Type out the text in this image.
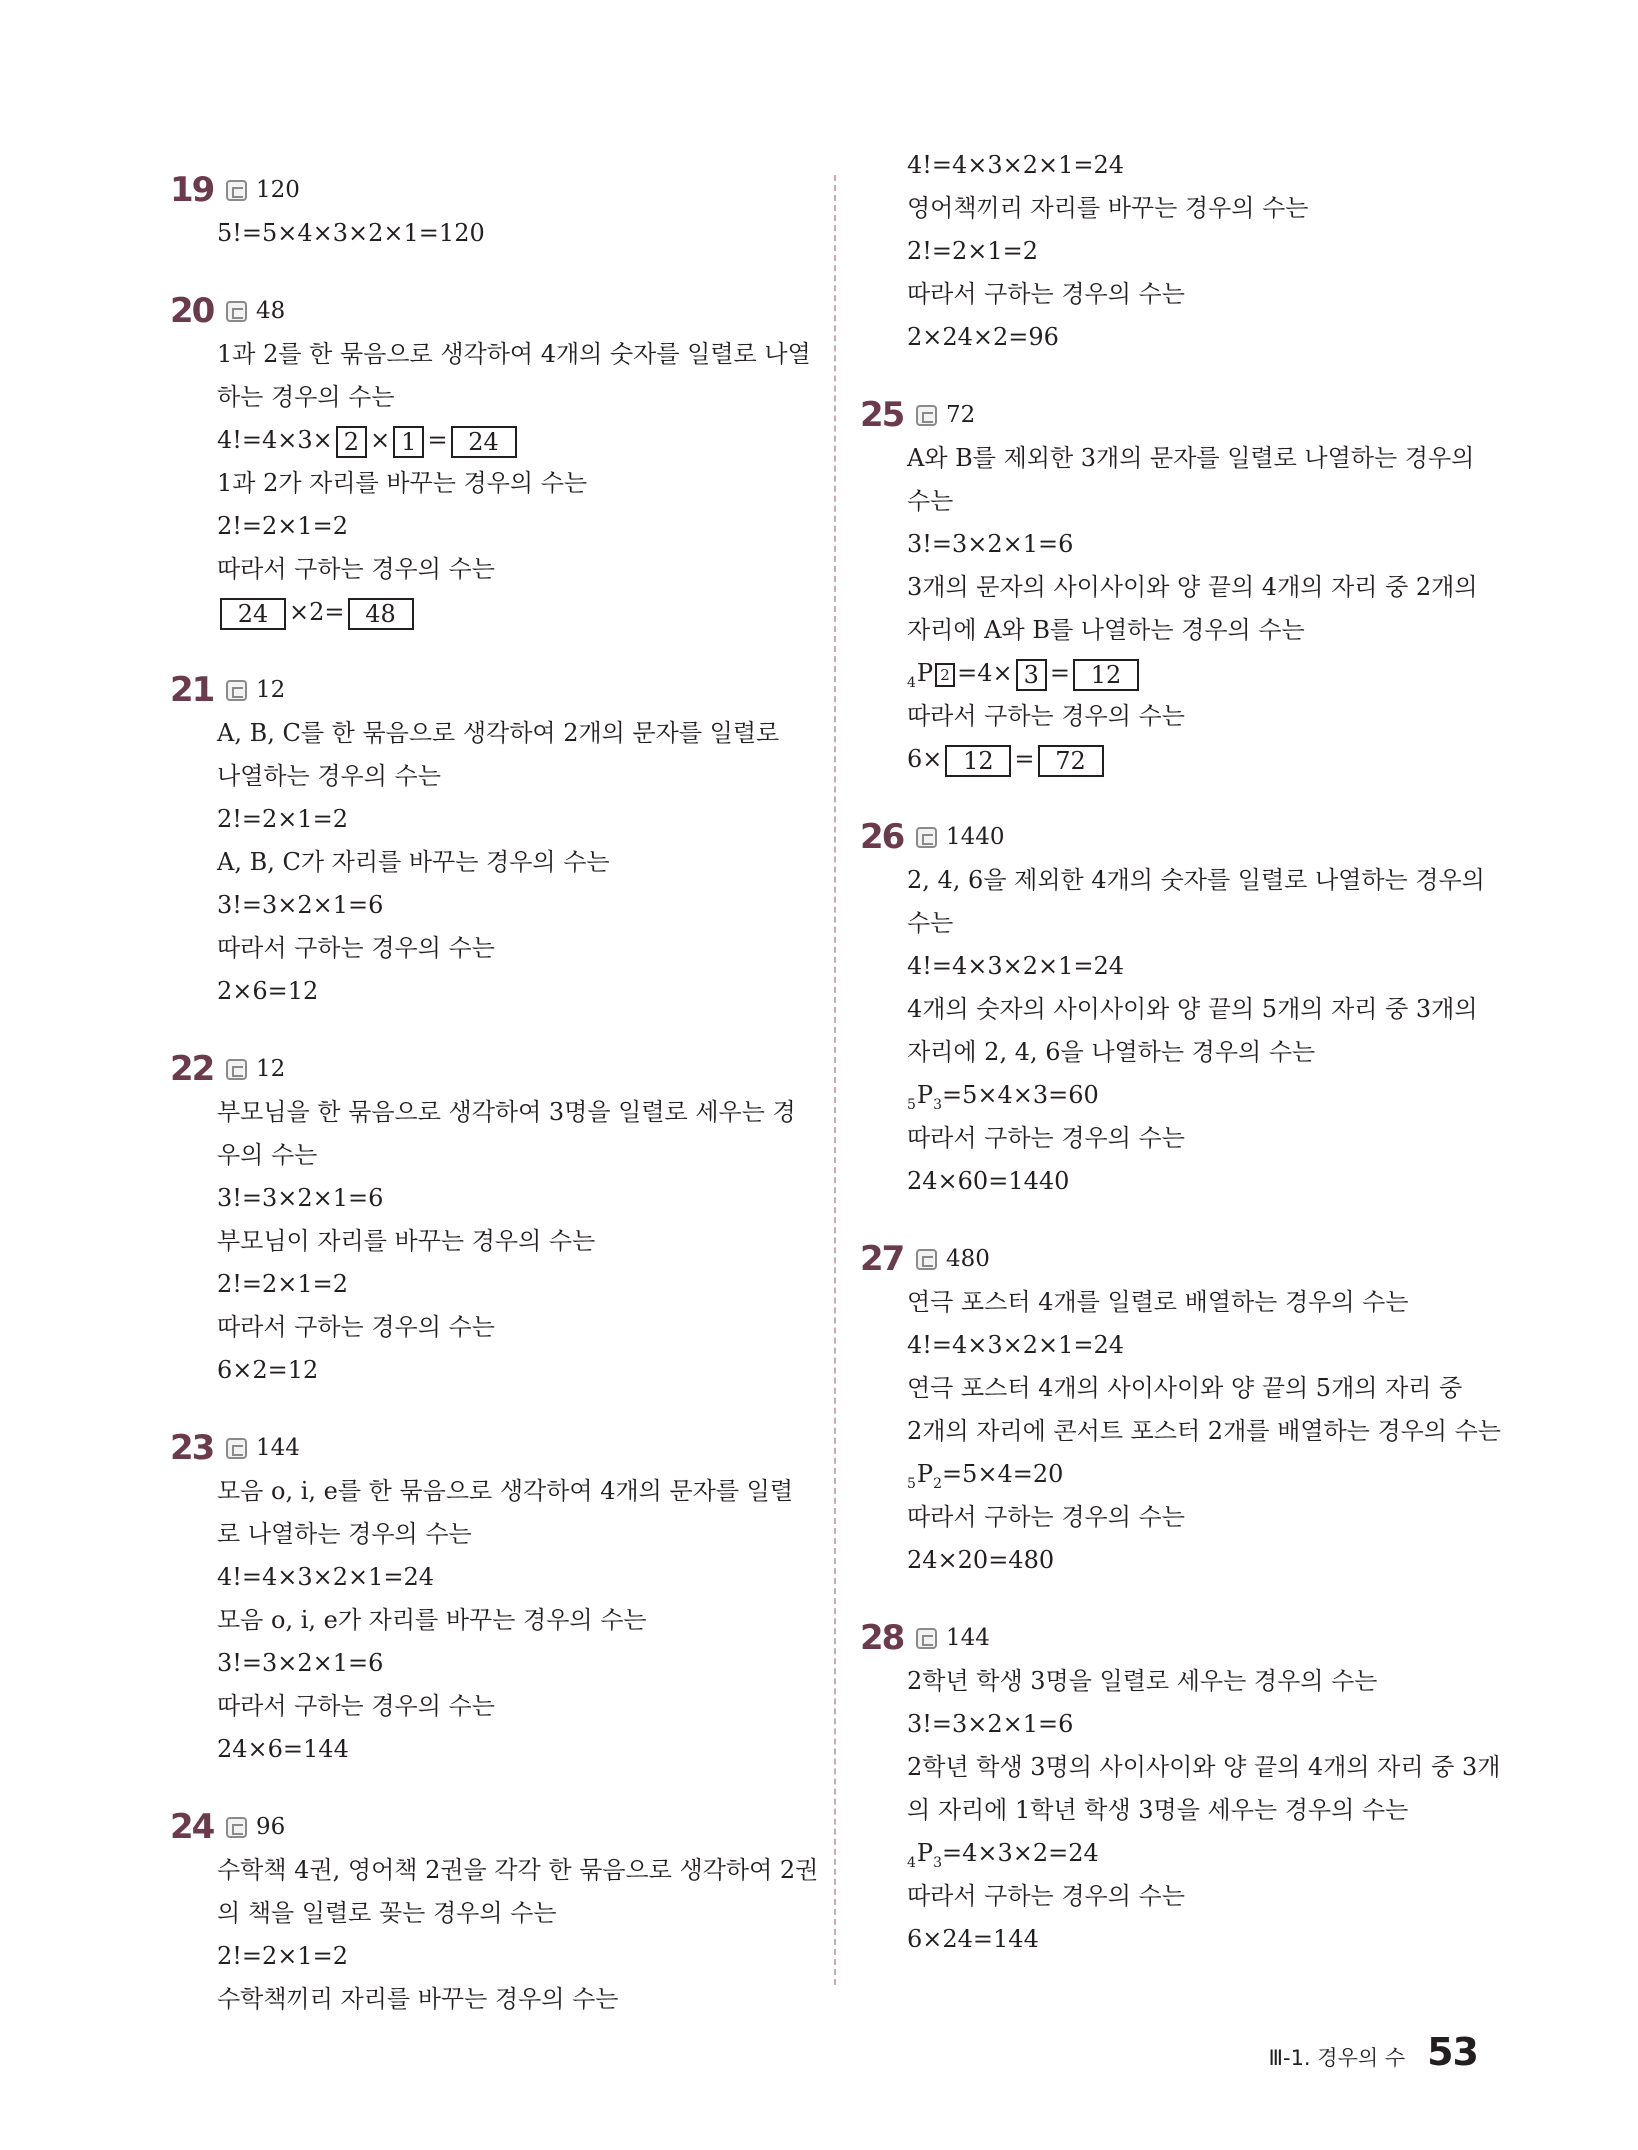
19	120
5!=5×4×3×2×1=120
20	48
1과 2를 한 묶음으로 생각하여 4개의 숫자를 일렬로 나열
하는 경우의 수는
4!=4×3× 2 × 1 = 24
1과 2가 자리를 바꾸는 경우의 수는
2!=2×1=2
따라서 구하는 경우의 수는
24 ×2= 48
21	12
A, B, C를 한 묶음으로 생각하여 2개의 문자를 일렬로
나열하는 경우의 수는
2!=2×1=2
A, B, C가 자리를 바꾸는 경우의 수는
3!=3×2×1=6
따라서 구하는 경우의 수는
2×6=12
22	12
부모님을 한 묶음으로 생각하여 3명을 일렬로 세우는 경
우의 수는
3!=3×2×1=6
부모님이 자리를 바꾸는 경우의 수는
2!=2×1=2
따라서 구하는 경우의 수는
6×2=12
23	144
모음 o, i, e를 한 묶음으로 생각하여 4개의 문자를 일렬
로 나열하는 경우의 수는
4!=4×3×2×1=24
모음 o, i, e가 자리를 바꾸는 경우의 수는
3!=3×2×1=6
따라서 구하는 경우의 수는
24×6=144
24	96
수학책 4권, 영어책 2권을 각각 한 묶음으로 생각하여 2권
의 책을 일렬로 꽂는 경우의 수는
2!=2×1=2
수학책끼리 자리를 바꾸는 경우의 수는
4!=4×3×2×1=24
영어책끼리 자리를 바꾸는 경우의 수는
2!=2×1=2
따라서 구하는 경우의 수는
2×24×2=96
25	72
A와 B를 제외한 3개의 문자를 일렬로 나열하는 경우의
수는
3!=3×2×1=6
3개의 문자의 사이사이와 양 끝의 4개의 자리 중 2개의
자리에 A와 B를 나열하는 경우의 수는
$_4$P 2 =4× 3 = 12
따라서 구하는 경우의 수는
6× 12 = 72
26	1440
2, 4, 6을 제외한 4개의 숫자를 일렬로 나열하는 경우의
수는
4!=4×3×2×1=24
4개의 숫자의 사이사이와 양 끝의 5개의 자리 중 3개의
자리에 2, 4, 6을 나열하는 경우의 수는
$_5P_3=5\times 4\times 3=60$
따라서 구하는 경우의 수는
24×60=1440
27	480
연극 포스터 4개를 일렬로 배열하는 경우의 수는
4!=4×3×2×1=24
연극 포스터 4개의 사이사이와 양 끝의 5개의 자리 중
2개의 자리에 콘서트 포스터 2개를 배열하는 경우의 수는
$_5P_2=5\times 4=20$
따라서 구하는 경우의 수는
24×20=480
28	144
2학년 학생 3명을 일렬로 세우는 경우의 수는
3!=3×2×1=6
2학년 학생 3명의 사이사이와 양 끝의 4개의 자리 중 3개
의 자리에 1학년 학생 3명을 세우는 경우의 수는
$_4P_3=4\times 3\times 2=24$
따라서 구하는 경우의 수는
6×24=144
Ⅲ-1. 경우의 수 53
